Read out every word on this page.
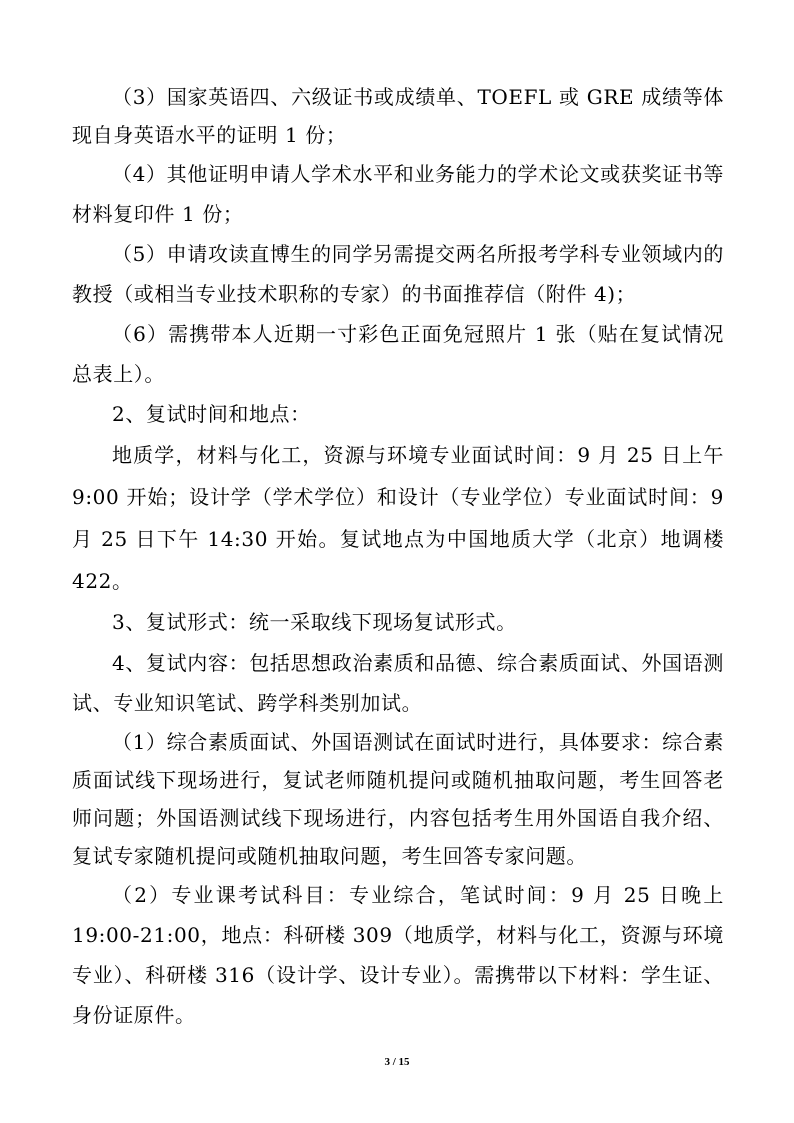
（3）国家英语四、六级证书或成绩单、TOEFL 或 GRE 成绩等体现自身英语水平的证明 1 份；

（4）其他证明申请人学术水平和业务能力的学术论文或获奖证书等材料复印件 1 份；

（5）申请攻读直博生的同学另需提交两名所报考学科专业领域内的教授（或相当专业技术职称的专家）的书面推荐信（附件 4)；

（6）需携带本人近期一寸彩色正面免冠照片 1 张（贴在复试情况总表上）。

2、复试时间和地点：

地质学，材料与化工，资源与环境专业面试时间：9 月 25 日上午 9:00 开始；设计学（学术学位）和设计（专业学位）专业面试时间：9 月 25 日下午 14:30 开始。复试地点为中国地质大学（北京）地调楼 422。

3、复试形式：统一采取线下现场复试形式。

4、复试内容：包括思想政治素质和品德、综合素质面试、外国语测试、专业知识笔试、跨学科类别加试。

（1）综合素质面试、外国语测试在面试时进行，具体要求：综合素质面试线下现场进行，复试老师随机提问或随机抽取问题，考生回答老师问题；外国语测试线下现场进行，内容包括考生用外国语自我介绍、复试专家随机提问或随机抽取问题，考生回答专家问题。

（2）专业课考试科目：专业综合，笔试时间：9 月 25 日晚上 19:00-21:00，地点：科研楼 309（地质学，材料与化工，资源与环境专业）、科研楼 316（设计学、设计专业）。需携带以下材料：学生证、身份证原件。

3 / 15
